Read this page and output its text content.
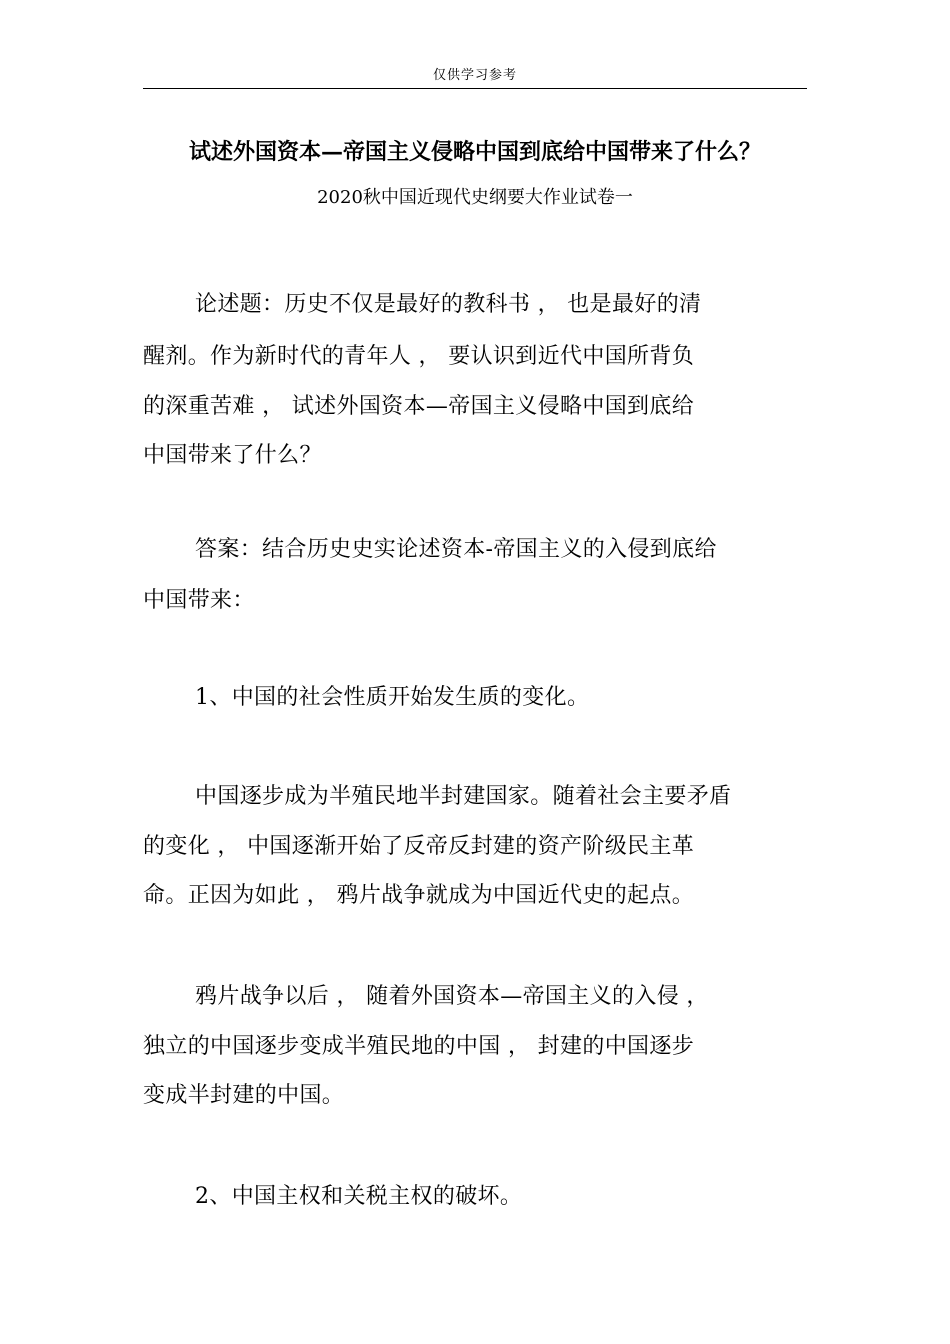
仅供学习参考
试述外国资本—帝国主义侵略中国到底给中国带来了什么？
2020秋中国近现代史纲要大作业试卷一
论述题：历史不仅是最好的教科书 ， 也是最好的清
醒剂。作为新时代的青年人 ， 要认识到近代中国所背负
的深重苦难 ， 试述外国资本—帝国主义侵略中国到底给
中国带来了什么？
答案：结合历史史实论述资本-帝国主义的入侵到底给
中国带来：
1、中国的社会性质开始发生质的变化。
中国逐步成为半殖民地半封建国家。随着社会主要矛盾
的变化 ， 中国逐渐开始了反帝反封建的资产阶级民主革
命。正因为如此 ， 鸦片战争就成为中国近代史的起点。
鸦片战争以后 ， 随着外国资本—帝国主义的入侵 ，
独立的中国逐步变成半殖民地的中国 ， 封建的中国逐步
变成半封建的中国。
2、中国主权和关税主权的破坏。
